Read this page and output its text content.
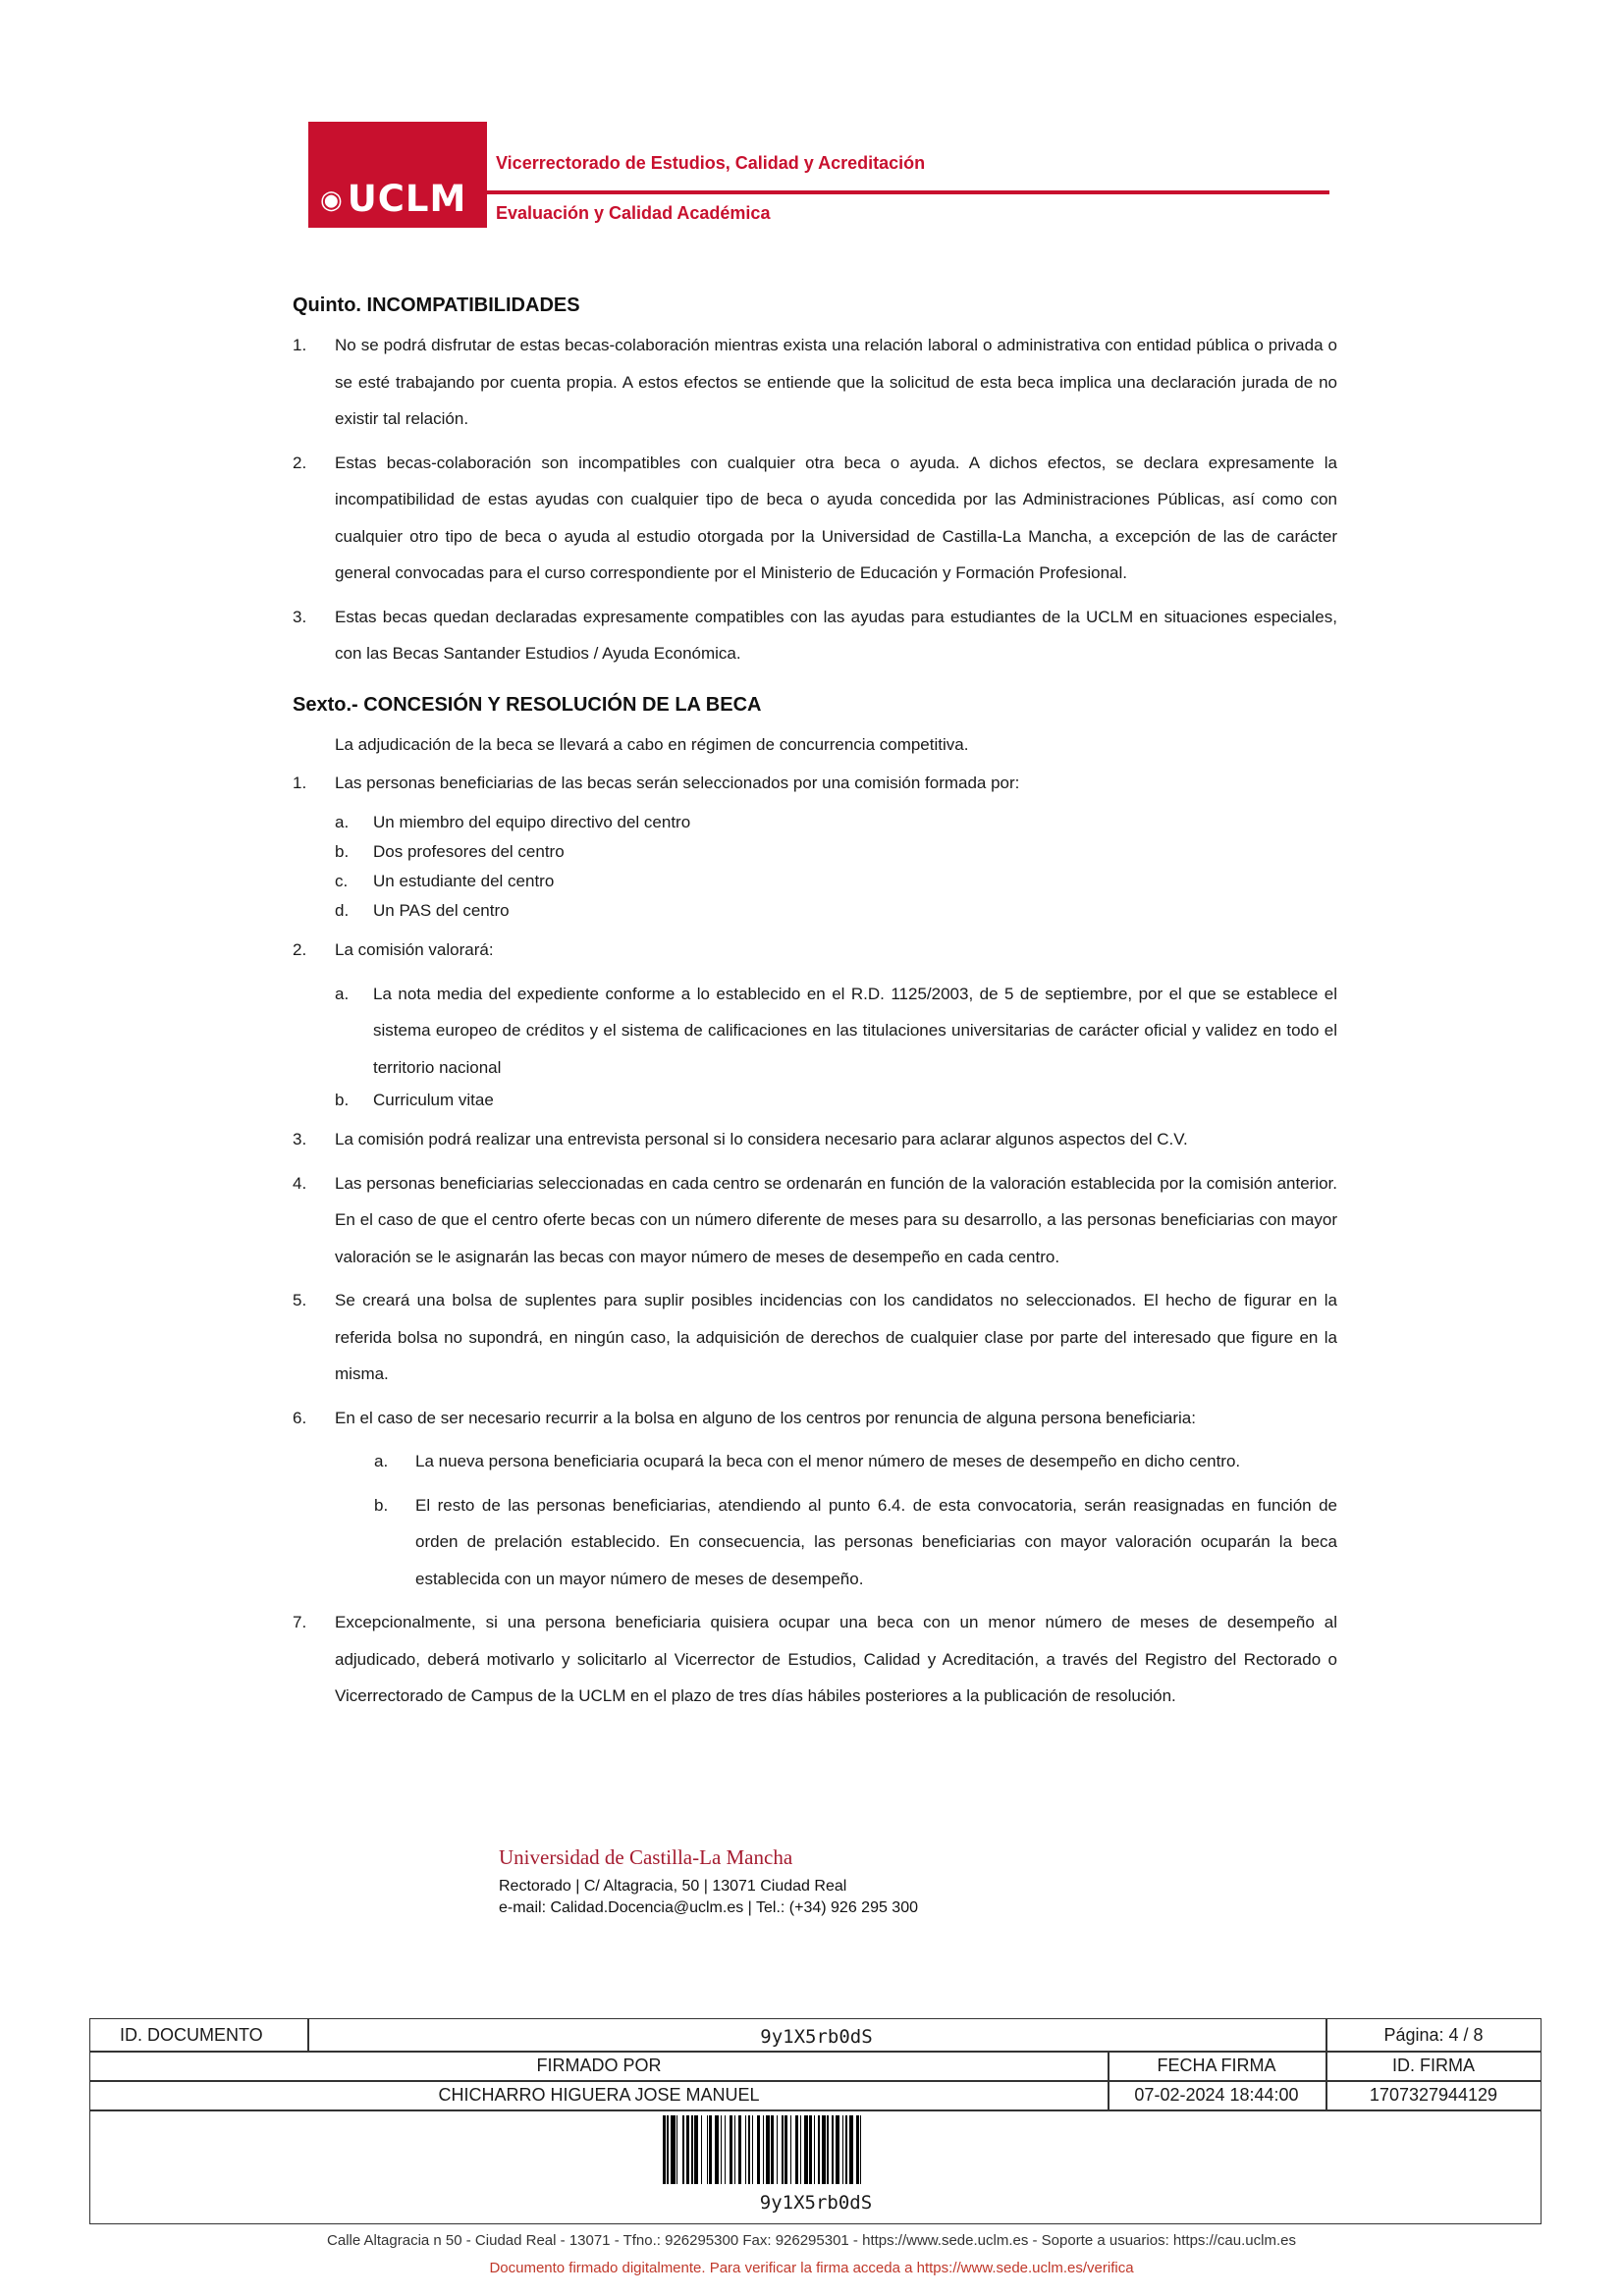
◉ UCLM
Vicerrectorado de Estudios, Calidad y Acreditación
Evaluación y Calidad Académica
Quinto. INCOMPATIBILIDADES
1. No se podrá disfrutar de estas becas-colaboración mientras exista una relación laboral o administrativa con entidad pública o privada o se esté trabajando por cuenta propia. A estos efectos se entiende que la solicitud de esta beca implica una declaración jurada de no existir tal relación.
2. Estas becas-colaboración son incompatibles con cualquier otra beca o ayuda. A dichos efectos, se declara expresamente la incompatibilidad de estas ayudas con cualquier tipo de beca o ayuda concedida por las Administraciones Públicas, así como con cualquier otro tipo de beca o ayuda al estudio otorgada por la Universidad de Castilla-La Mancha, a excepción de las de carácter general convocadas para el curso correspondiente por el Ministerio de Educación y Formación Profesional.
3. Estas becas quedan declaradas expresamente compatibles con las ayudas para estudiantes de la UCLM en situaciones especiales, con las Becas Santander Estudios / Ayuda Económica.
Sexto.- CONCESIÓN Y RESOLUCIÓN DE LA BECA
La adjudicación de la beca se llevará a cabo en régimen de concurrencia competitiva.
1. Las personas beneficiarias de las becas serán seleccionados por una comisión formada por:
a. Un miembro del equipo directivo del centro
b. Dos profesores del centro
c. Un estudiante del centro
d. Un PAS del centro
2. La comisión valorará:
a. La nota media del expediente conforme a lo establecido en el R.D. 1125/2003, de 5 de septiembre, por el que se establece el sistema europeo de créditos y el sistema de calificaciones en las titulaciones universitarias de carácter oficial y validez en todo el territorio nacional
b. Curriculum vitae
3. La comisión podrá realizar una entrevista personal si lo considera necesario para aclarar algunos aspectos del C.V.
4. Las personas beneficiarias seleccionadas en cada centro se ordenarán en función de la valoración establecida por la comisión anterior. En el caso de que el centro oferte becas con un número diferente de meses para su desarrollo, a las personas beneficiarias con mayor valoración se le asignarán las becas con mayor número de meses de desempeño en cada centro.
5. Se creará una bolsa de suplentes para suplir posibles incidencias con los candidatos no seleccionados. El hecho de figurar en la referida bolsa no supondrá, en ningún caso, la adquisición de derechos de cualquier clase por parte del interesado que figure en la misma.
6. En el caso de ser necesario recurrir a la bolsa en alguno de los centros por renuncia de alguna persona beneficiaria:
a. La nueva persona beneficiaria ocupará la beca con el menor número de meses de desempeño en dicho centro.
b. El resto de las personas beneficiarias, atendiendo al punto 6.4. de esta convocatoria, serán reasignadas en función de orden de prelación establecido. En consecuencia, las personas beneficiarias con mayor valoración ocuparán la beca establecida con un mayor número de meses de desempeño.
7. Excepcionalmente, si una persona beneficiaria quisiera ocupar una beca con un menor número de meses de desempeño al adjudicado, deberá motivarlo y solicitarlo al Vicerrector de Estudios, Calidad y Acreditación, a través del Registro del Rectorado o Vicerrectorado de Campus de la UCLM en el plazo de tres días hábiles posteriores a la publicación de resolución.
Universidad de Castilla-La Mancha
Rectorado | C/ Altagracia, 50 | 13071 Ciudad Real
e-mail: Calidad.Docencia@uclm.es | Tel.: (+34) 926 295 300
ID. DOCUMENTO	9y1X5rb0dS	Página: 4 / 8
FIRMADO POR	FECHA FIRMA	ID. FIRMA
CHICHARRO HIGUERA JOSE MANUEL	07-02-2024 18:44:00	1707327944129
9y1X5rb0dS
Calle Altagracia n 50 - Ciudad Real - 13071 - Tfno.: 926295300 Fax: 926295301 - https://www.sede.uclm.es - Soporte a usuarios: https://cau.uclm.es
Documento firmado digitalmente. Para verificar la firma acceda a https://www.sede.uclm.es/verifica
